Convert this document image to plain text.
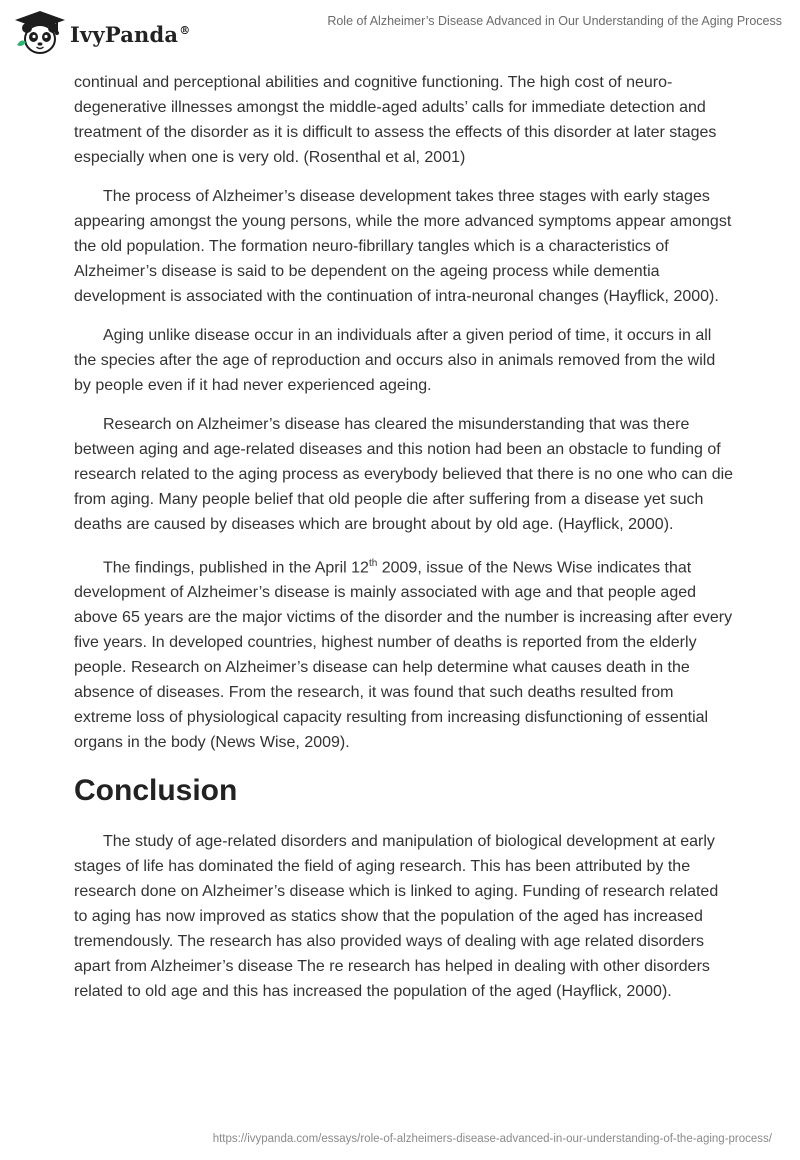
IvyPanda®
Role of Alzheimer’s Disease Advanced in Our Understanding of the Aging Process

continual and perceptional abilities and cognitive functioning. The high cost of neuro-degenerative illnesses amongst the middle-aged adults’ calls for immediate detection and treatment of the disorder as it is difficult to assess the effects of this disorder at later stages especially when one is very old. (Rosenthal et al, 2001)

The process of Alzheimer’s disease development takes three stages with early stages appearing amongst the young persons, while the more advanced symptoms appear amongst the old population. The formation neuro-fibrillary tangles which is a characteristics of Alzheimer’s disease is said to be dependent on the ageing process while dementia development is associated with the continuation of intra-neuronal changes (Hayflick, 2000).

Aging unlike disease occur in an individuals after a given period of time, it occurs in all the species after the age of reproduction and occurs also in animals removed from the wild by people even if it had never experienced ageing.

Research on Alzheimer’s disease has cleared the misunderstanding that was there between aging and age-related diseases and this notion had been an obstacle to funding of research related to the aging process as everybody believed that there is no one who can die from aging. Many people belief that old people die after suffering from a disease yet such deaths are caused by diseases which are brought about by old age. (Hayflick, 2000).

The findings, published in the April 12th 2009, issue of the News Wise indicates that development of Alzheimer’s disease is mainly associated with age and that people aged above 65 years are the major victims of the disorder and the number is increasing after every five years. In developed countries, highest number of deaths is reported from the elderly people. Research on Alzheimer’s disease can help determine what causes death in the absence of diseases. From the research, it was found that such deaths resulted from extreme loss of physiological capacity resulting from increasing disfunctioning of essential organs in the body (News Wise, 2009).

Conclusion

The study of age-related disorders and manipulation of biological development at early stages of life has dominated the field of aging research. This has been attributed by the research done on Alzheimer’s disease which is linked to aging. Funding of research related to aging has now improved as statics show that the population of the aged has increased tremendously. The research has also provided ways of dealing with age related disorders apart from Alzheimer’s disease The re research has helped in dealing with other disorders related to old age and this has increased the population of the aged (Hayflick, 2000).

https://ivypanda.com/essays/role-of-alzheimers-disease-advanced-in-our-understanding-of-the-aging-process/
